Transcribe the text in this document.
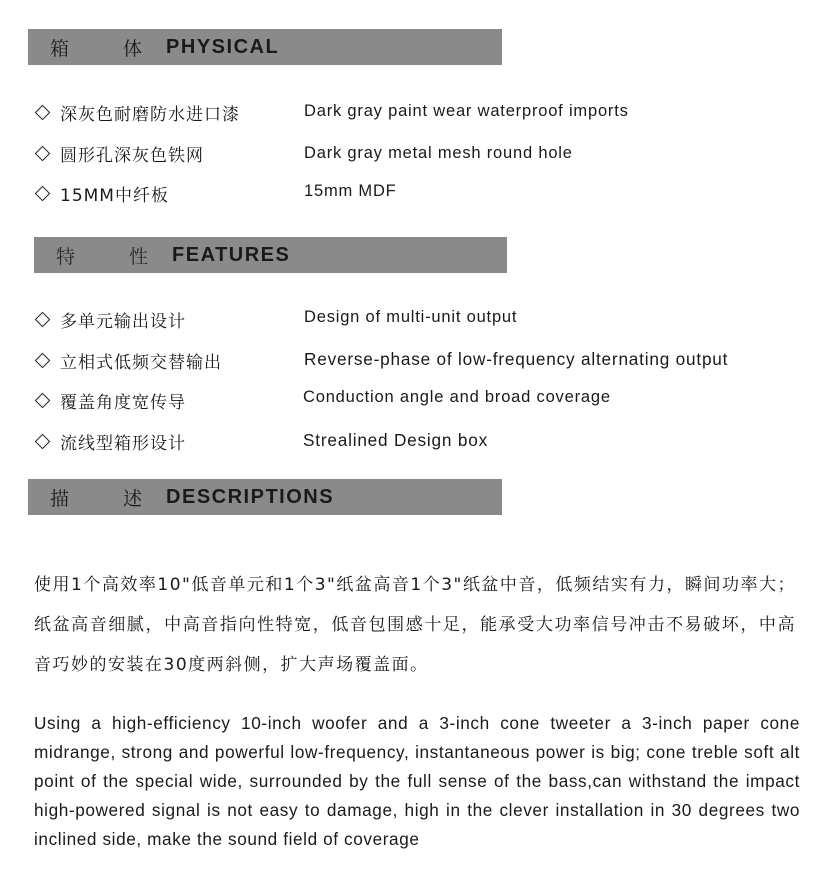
箱 体 PHYSICAL
深灰色耐磨防水进口漆	Dark gray paint wear waterproof imports
圆形孔深灰色铁网	Dark gray metal mesh round hole
15MM中纤板	15mm MDF
特 性 FEATURES
多单元输出设计	Design of multi-unit output
立相式低频交替输出	Reverse-phase of low-frequency alternating output
覆盖角度宽传导	Conduction angle and broad coverage
流线型箱形设计	Strealined Design box
描 述 DESCRIPTIONS
使用1个高效率10"低音单元和1个3"纸盆高音1个3"纸盆中音，低频结实有力，瞬间功率大；纸盆高音细腻，中高音指向性特宽，低音包围感十足，能承受大功率信号冲击不易破坏，中高音巧妙的安装在30度两斜侧，扩大声场覆盖面。
Using a high-efficiency 10-inch woofer and a 3-inch cone tweeter a 3-inch paper cone midrange, strong and powerful low-frequency, instantaneous power is big; cone treble soft alt point of the special wide, surrounded by the full sense of the bass,can withstand the impact high-powered signal is not easy to damage, high in the clever installation in 30 degrees two inclined side, make the sound field of coverage
